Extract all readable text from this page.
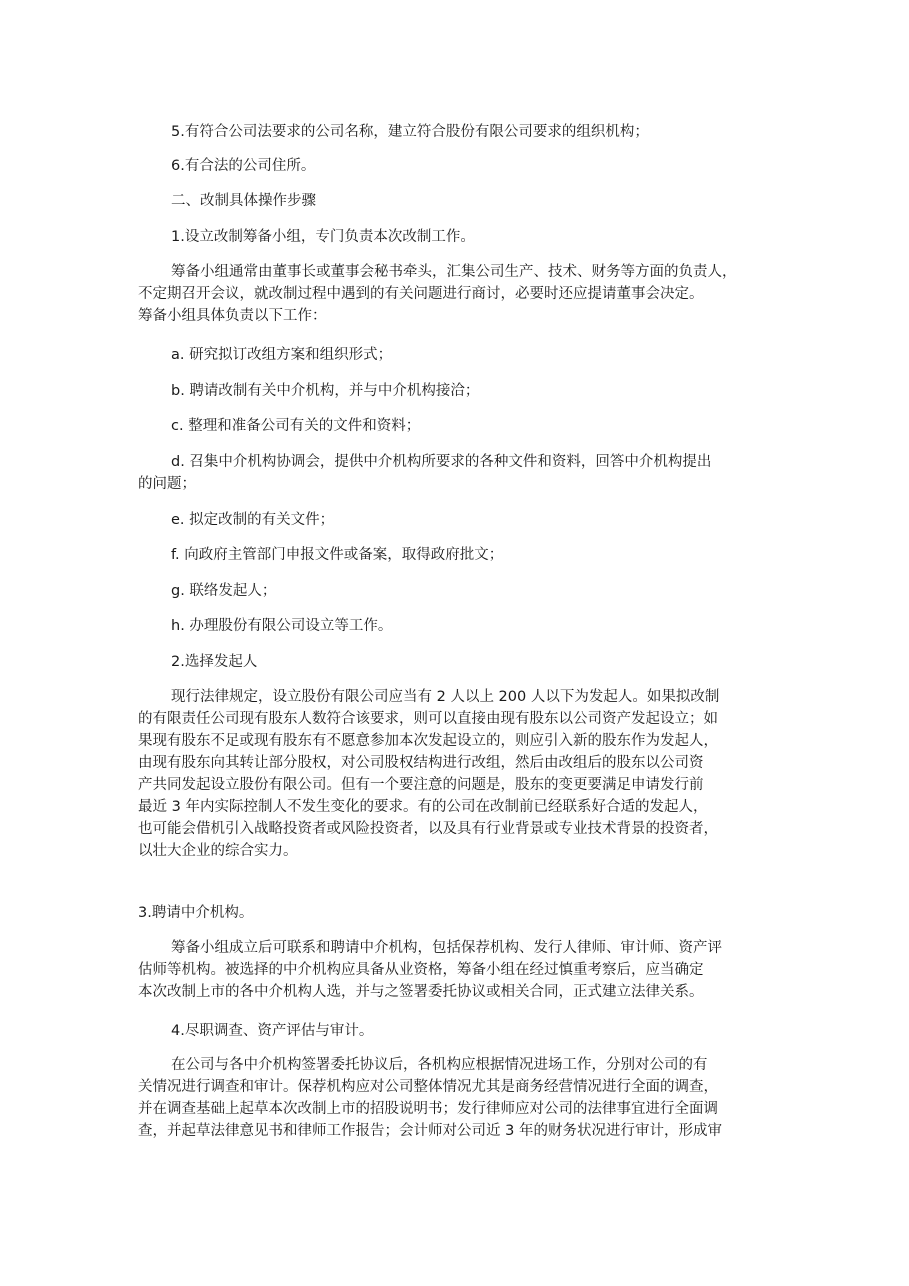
5.有符合公司法要求的公司名称，建立符合股份有限公司要求的组织机构；

6.有合法的公司住所。

二、改制具体操作步骤

1.设立改制筹备小组，专门负责本次改制工作。

筹备小组通常由董事长或董事会秘书牵头，汇集公司生产、技术、财务等方面的负责人，
不定期召开会议，就改制过程中遇到的有关问题进行商讨，必要时还应提请董事会决定。
筹备小组具体负责以下工作：

a. 研究拟订改组方案和组织形式；

b. 聘请改制有关中介机构，并与中介机构接洽；

c. 整理和准备公司有关的文件和资料；

d. 召集中介机构协调会，提供中介机构所要求的各种文件和资料，回答中介机构提出
的问题；

e. 拟定改制的有关文件；

f. 向政府主管部门申报文件或备案，取得政府批文；

g. 联络发起人；

h. 办理股份有限公司设立等工作。

2.选择发起人

现行法律规定，设立股份有限公司应当有 2 人以上 200 人以下为发起人。如果拟改制
的有限责任公司现有股东人数符合该要求，则可以直接由现有股东以公司资产发起设立；如
果现有股东不足或现有股东有不愿意参加本次发起设立的，则应引入新的股东作为发起人，
由现有股东向其转让部分股权，对公司股权结构进行改组，然后由改组后的股东以公司资
产共同发起设立股份有限公司。但有一个要注意的问题是，股东的变更要满足申请发行前
最近 3 年内实际控制人不发生变化的要求。有的公司在改制前已经联系好合适的发起人，
也可能会借机引入战略投资者或风险投资者，以及具有行业背景或专业技术背景的投资者，
以壮大企业的综合实力。

3.聘请中介机构。

筹备小组成立后可联系和聘请中介机构，包括保荐机构、发行人律师、审计师、资产评
估师等机构。被选择的中介机构应具备从业资格，筹备小组在经过慎重考察后，应当确定
本次改制上市的各中介机构人选，并与之签署委托协议或相关合同，正式建立法律关系。

4.尽职调查、资产评估与审计。

在公司与各中介机构签署委托协议后，各机构应根据情况进场工作，分别对公司的有
关情况进行调查和审计。保荐机构应对公司整体情况尤其是商务经营情况进行全面的调查，
并在调查基础上起草本次改制上市的招股说明书；发行律师应对公司的法律事宜进行全面调
查，并起草法律意见书和律师工作报告；会计师对公司近 3 年的财务状况进行审计，形成审
